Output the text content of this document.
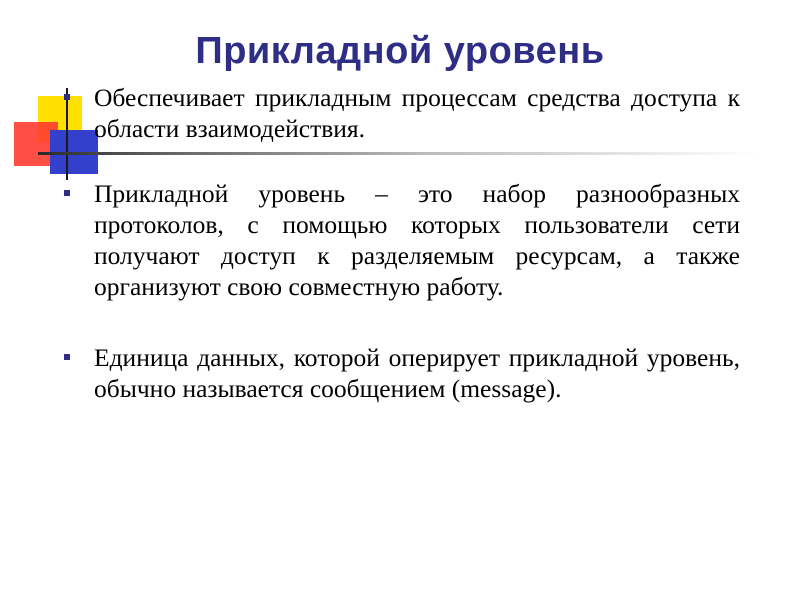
Прикладной уровень
Обеспечивает прикладным процессам средства доступа к области взаимодействия.
Прикладной уровень – это набор разнообразных протоколов, с помощью которых пользователи сети получают доступ к разделяемым ресурсам, а также организуют свою совместную работу.
Единица данных, которой оперирует прикладной уровень, обычно называется сообщением (message).
